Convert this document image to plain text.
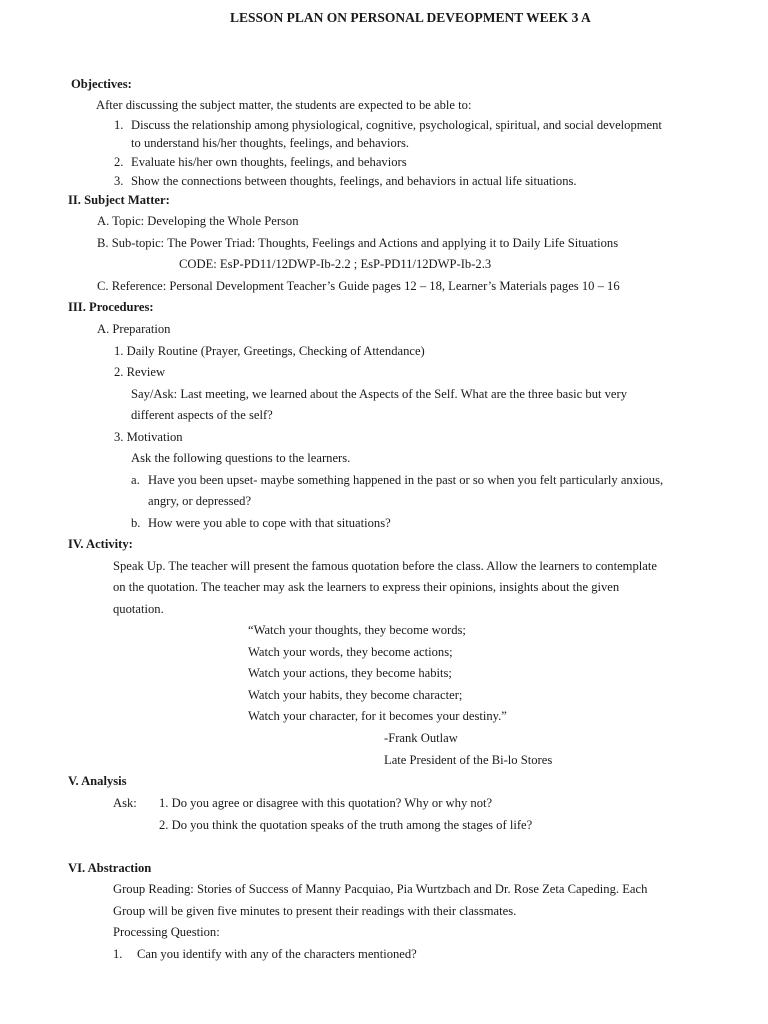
LESSON PLAN ON PERSONAL DEVEOPMENT WEEK 3 A
Objectives:
After discussing the subject matter, the students are expected to be able to:
1. Discuss the relationship among physiological, cognitive, psychological, spiritual, and social development
to understand his/her thoughts, feelings, and behaviors.
2. Evaluate his/her own thoughts, feelings, and behaviors
3. Show the connections between thoughts, feelings, and behaviors in actual life situations.
II. Subject Matter:
A. Topic: Developing the Whole Person
B. Sub-topic: The Power Triad: Thoughts, Feelings and Actions and applying it to Daily Life Situations
CODE: EsP-PD11/12DWP-Ib-2.2 ; EsP-PD11/12DWP-Ib-2.3
C. Reference: Personal Development Teacher’s Guide pages 12 – 18, Learner’s Materials pages 10 – 16
III. Procedures:
A. Preparation
1. Daily Routine (Prayer, Greetings, Checking of Attendance)
2. Review
Say/Ask: Last meeting, we learned about the Aspects of the Self. What are the three basic but very
different aspects of the self?
3. Motivation
Ask the following questions to the learners.
a. Have you been upset- maybe something happened in the past or so when you felt particularly anxious,
angry, or depressed?
b. How were you able to cope with that situations?
IV. Activity:
Speak Up. The teacher will present the famous quotation before the class. Allow the learners to contemplate
on the quotation. The teacher may ask the learners to express their opinions, insights about the given
quotation.
“Watch your thoughts, they become words;
Watch your words, they become actions;
Watch your actions, they become habits;
Watch your habits, they become character;
Watch your character, for it becomes your destiny.”
-Frank Outlaw
Late President of the Bi-lo Stores
V. Analysis
Ask: 1. Do you agree or disagree with this quotation? Why or why not?
2. Do you think the quotation speaks of the truth among the stages of life?
VI. Abstraction
Group Reading: Stories of Success of Manny Pacquiao, Pia Wurtzbach and Dr. Rose Zeta Capeding. Each
Group will be given five minutes to present their readings with their classmates.
Processing Question:
1. Can you identify with any of the characters mentioned?
